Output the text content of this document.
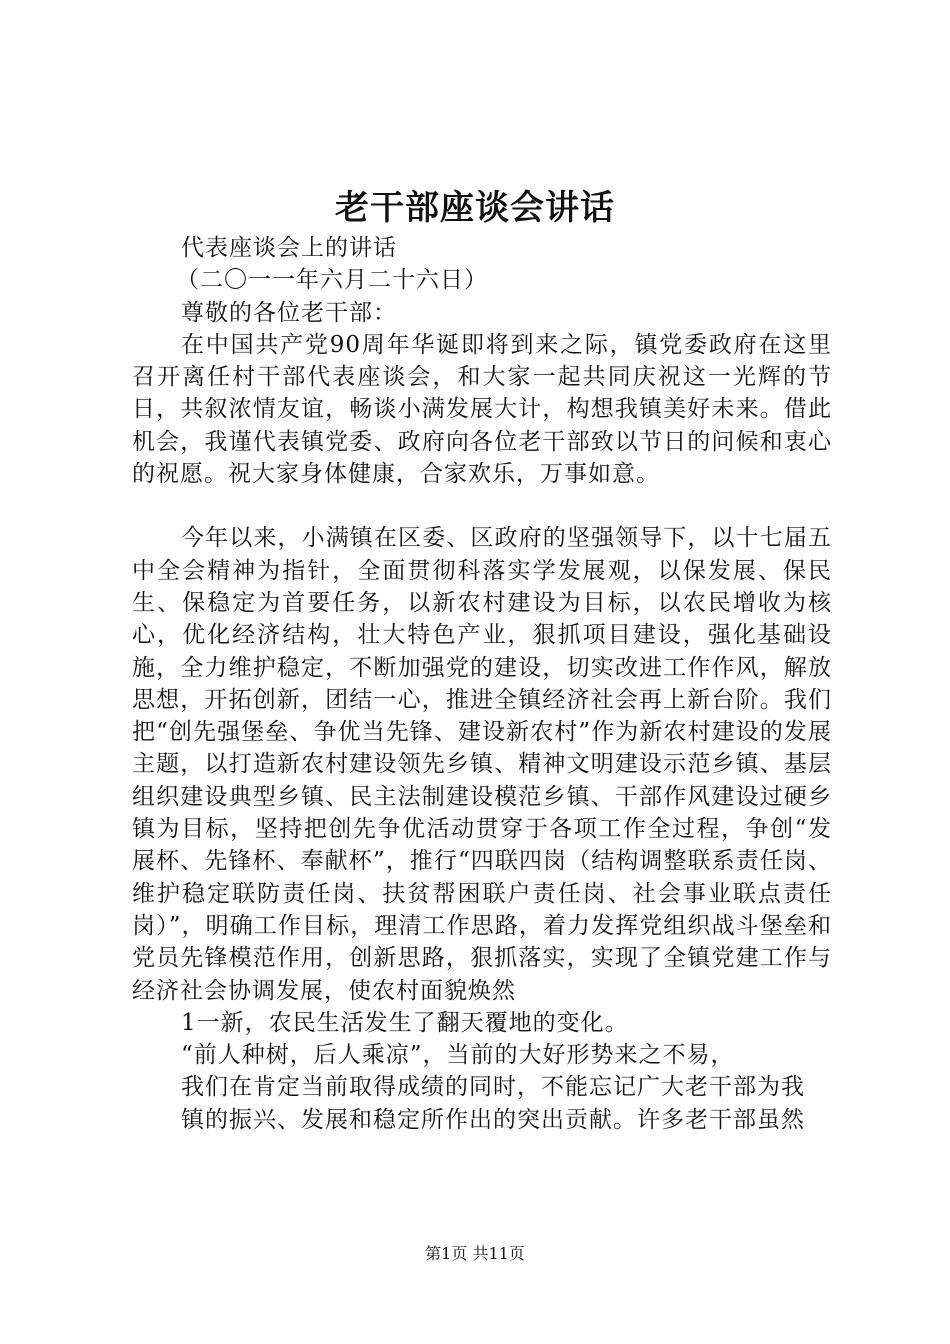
老干部座谈会讲话

代表座谈会上的讲话

（二〇一一年六月二十六日）

尊敬的各位老干部：

在中国共产党90周年华诞即将到来之际，镇党委政府在这里召开离任村干部代表座谈会，和大家一起共同庆祝这一光辉的节日，共叙浓情友谊，畅谈小满发展大计，构想我镇美好未来。借此机会，我谨代表镇党委、政府向各位老干部致以节日的问候和衷心的祝愿。祝大家身体健康，合家欢乐，万事如意。

今年以来，小满镇在区委、区政府的坚强领导下，以十七届五中全会精神为指针，全面贯彻科落实学发展观，以保发展、保民生、保稳定为首要任务，以新农村建设为目标，以农民增收为核心，优化经济结构，壮大特色产业，狠抓项目建设，强化基础设施，全力维护稳定，不断加强党的建设，切实改进工作作风，解放思想，开拓创新，团结一心，推进全镇经济社会再上新台阶。我们把“创先强堡垒、争优当先锋、建设新农村”作为新农村建设的发展主题，以打造新农村建设领先乡镇、精神文明建设示范乡镇、基层组织建设典型乡镇、民主法制建设模范乡镇、干部作风建设过硬乡镇为目标，坚持把创先争优活动贯穿于各项工作全过程，争创“发展杯、先锋杯、奉献杯”，推行“四联四岗（结构调整联系责任岗、维护稳定联防责任岗、扶贫帮困联户责任岗、社会事业联点责任岗）”，明确工作目标，理清工作思路，着力发挥党组织战斗堡垒和党员先锋模范作用，创新思路，狠抓落实，实现了全镇党建工作与经济社会协调发展，使农村面貌焕然

1一新，农民生活发生了翻天覆地的变化。

“前人种树，后人乘凉”，当前的大好形势来之不易，

我们在肯定当前取得成绩的同时，不能忘记广大老干部为我

镇的振兴、发展和稳定所作出的突出贡献。许多老干部虽然

第1页 共11页
